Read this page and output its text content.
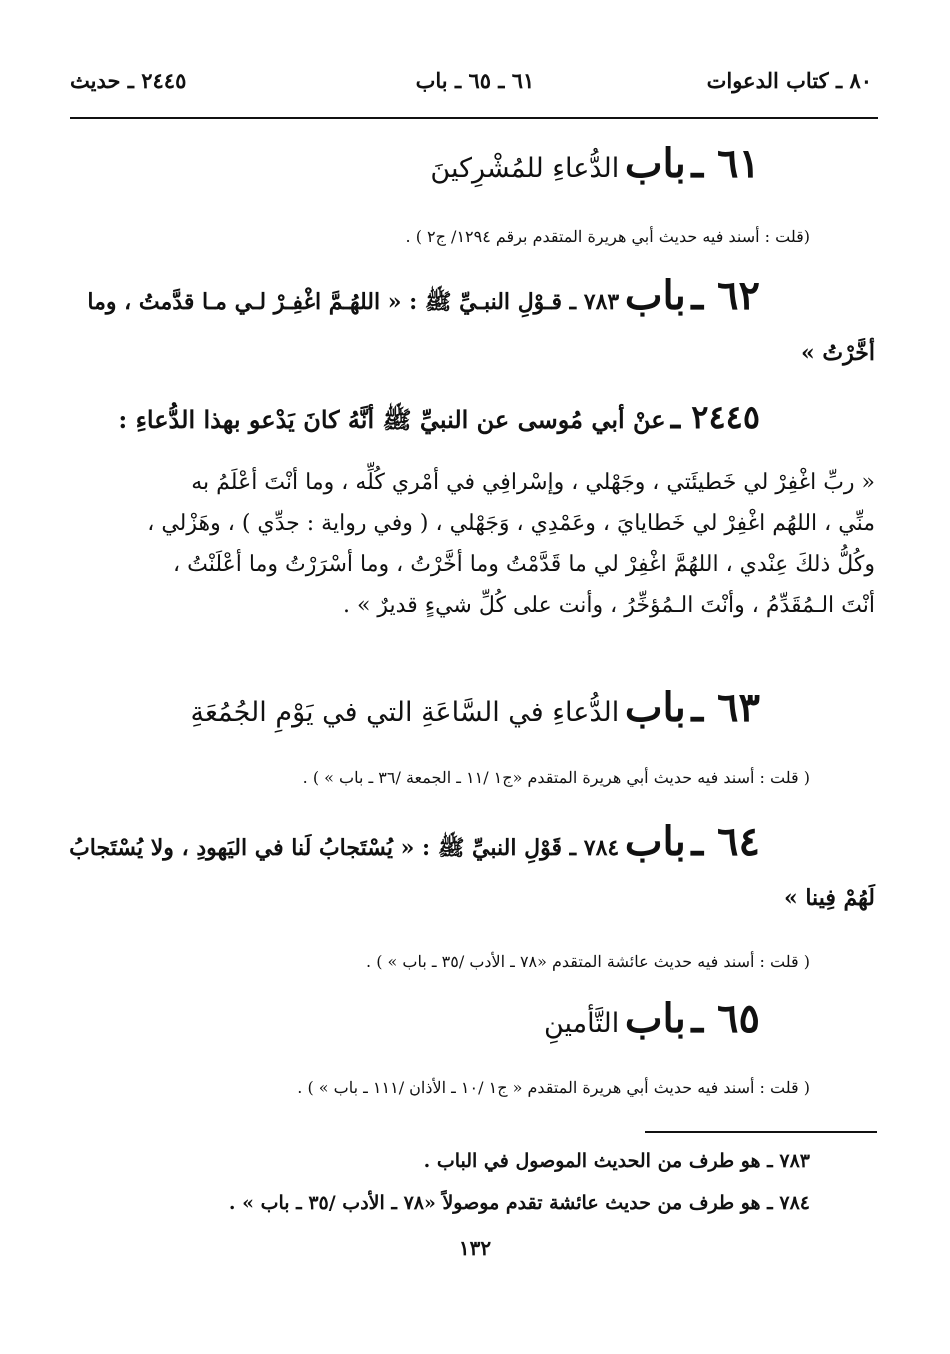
٨٠ ـ كتاب الدعوات
٦١ ـ ٦٥ ـ باب
٢٤٤٥ ـ حديث
٦١ ـ باب الدُّعاءِ للمُشْرِكينَ
(قلت : أسند فيه حديث أبي هريرة المتقدم برقم ١٢٩٤/ ج٢ ) .
٦٢ ـ باب ٧٨٣ ـ قـوْلِ النبـيِّ ﷺ : « اللهُـمَّ اغْفِـرْ لـي مـا قدَّمتُ ، وما
أخَّرْتُ »
٢٤٤٥ ـ عنْ أبي مُوسى عن النبيِّ ﷺ أنَّهُ كانَ يَدْعو بهذا الدُّعاءِ :
« ربِّ اغْفِرْ لي خَطيئَتي ، وجَهْلي ، وإسْرافِي في أمْري كُلِّه ، وما أنْتَ أعْلَمُ به
منِّي ، اللهُم اغْفِرْ لي خَطايايَ ، وعَمْدِي ، وَجَهْلي ، ( وفي رواية : جدِّي ) ، وهَزْلي ،
وكُلُّ ذلكَ عِنْدي ، اللهُمَّ اغْفِرْ لي ما قَدَّمْتُ وما أخَّرْتُ ، وما أسْرَرْتُ وما أعْلَنْتُ ،
أنْتَ الـمُقَدِّمُ ، وأنْتَ الـمُؤخِّرُ ، وأنت على كُلِّ شيءٍ قديرٌ » .
٦٣ ـ باب الدُّعاءِ في السَّاعَةِ التي في يَوْمِ الجُمُعَةِ
( قلت : أسند فيه حديث أبي هريرة المتقدم «ج١ /١١ ـ الجمعة /٣٦ ـ باب » ) .
٦٤ ـ باب ٧٨٤ ـ قَوْلِ النبيِّ ﷺ : « يُسْتَجابُ لَنا في اليَهودِ ، ولا يُسْتَجابُ
لَهُمْ فِينا »
( قلت : أسند فيه حديث عائشة المتقدم «٧٨ ـ الأدب /٣٥ ـ باب » ) .
٦٥ ـ باب التَّأمينِ
( قلت : أسند فيه حديث أبي هريرة المتقدم « ج١ /١٠ ـ الأذان /١١١ ـ باب » ) .
٧٨٣ ـ هو طرف من الحديث الموصول في الباب .
٧٨٤ ـ هو طرف من حديث عائشة تقدم موصولاً «٧٨ ـ الأدب /٣٥ ـ باب » .
١٣٢
